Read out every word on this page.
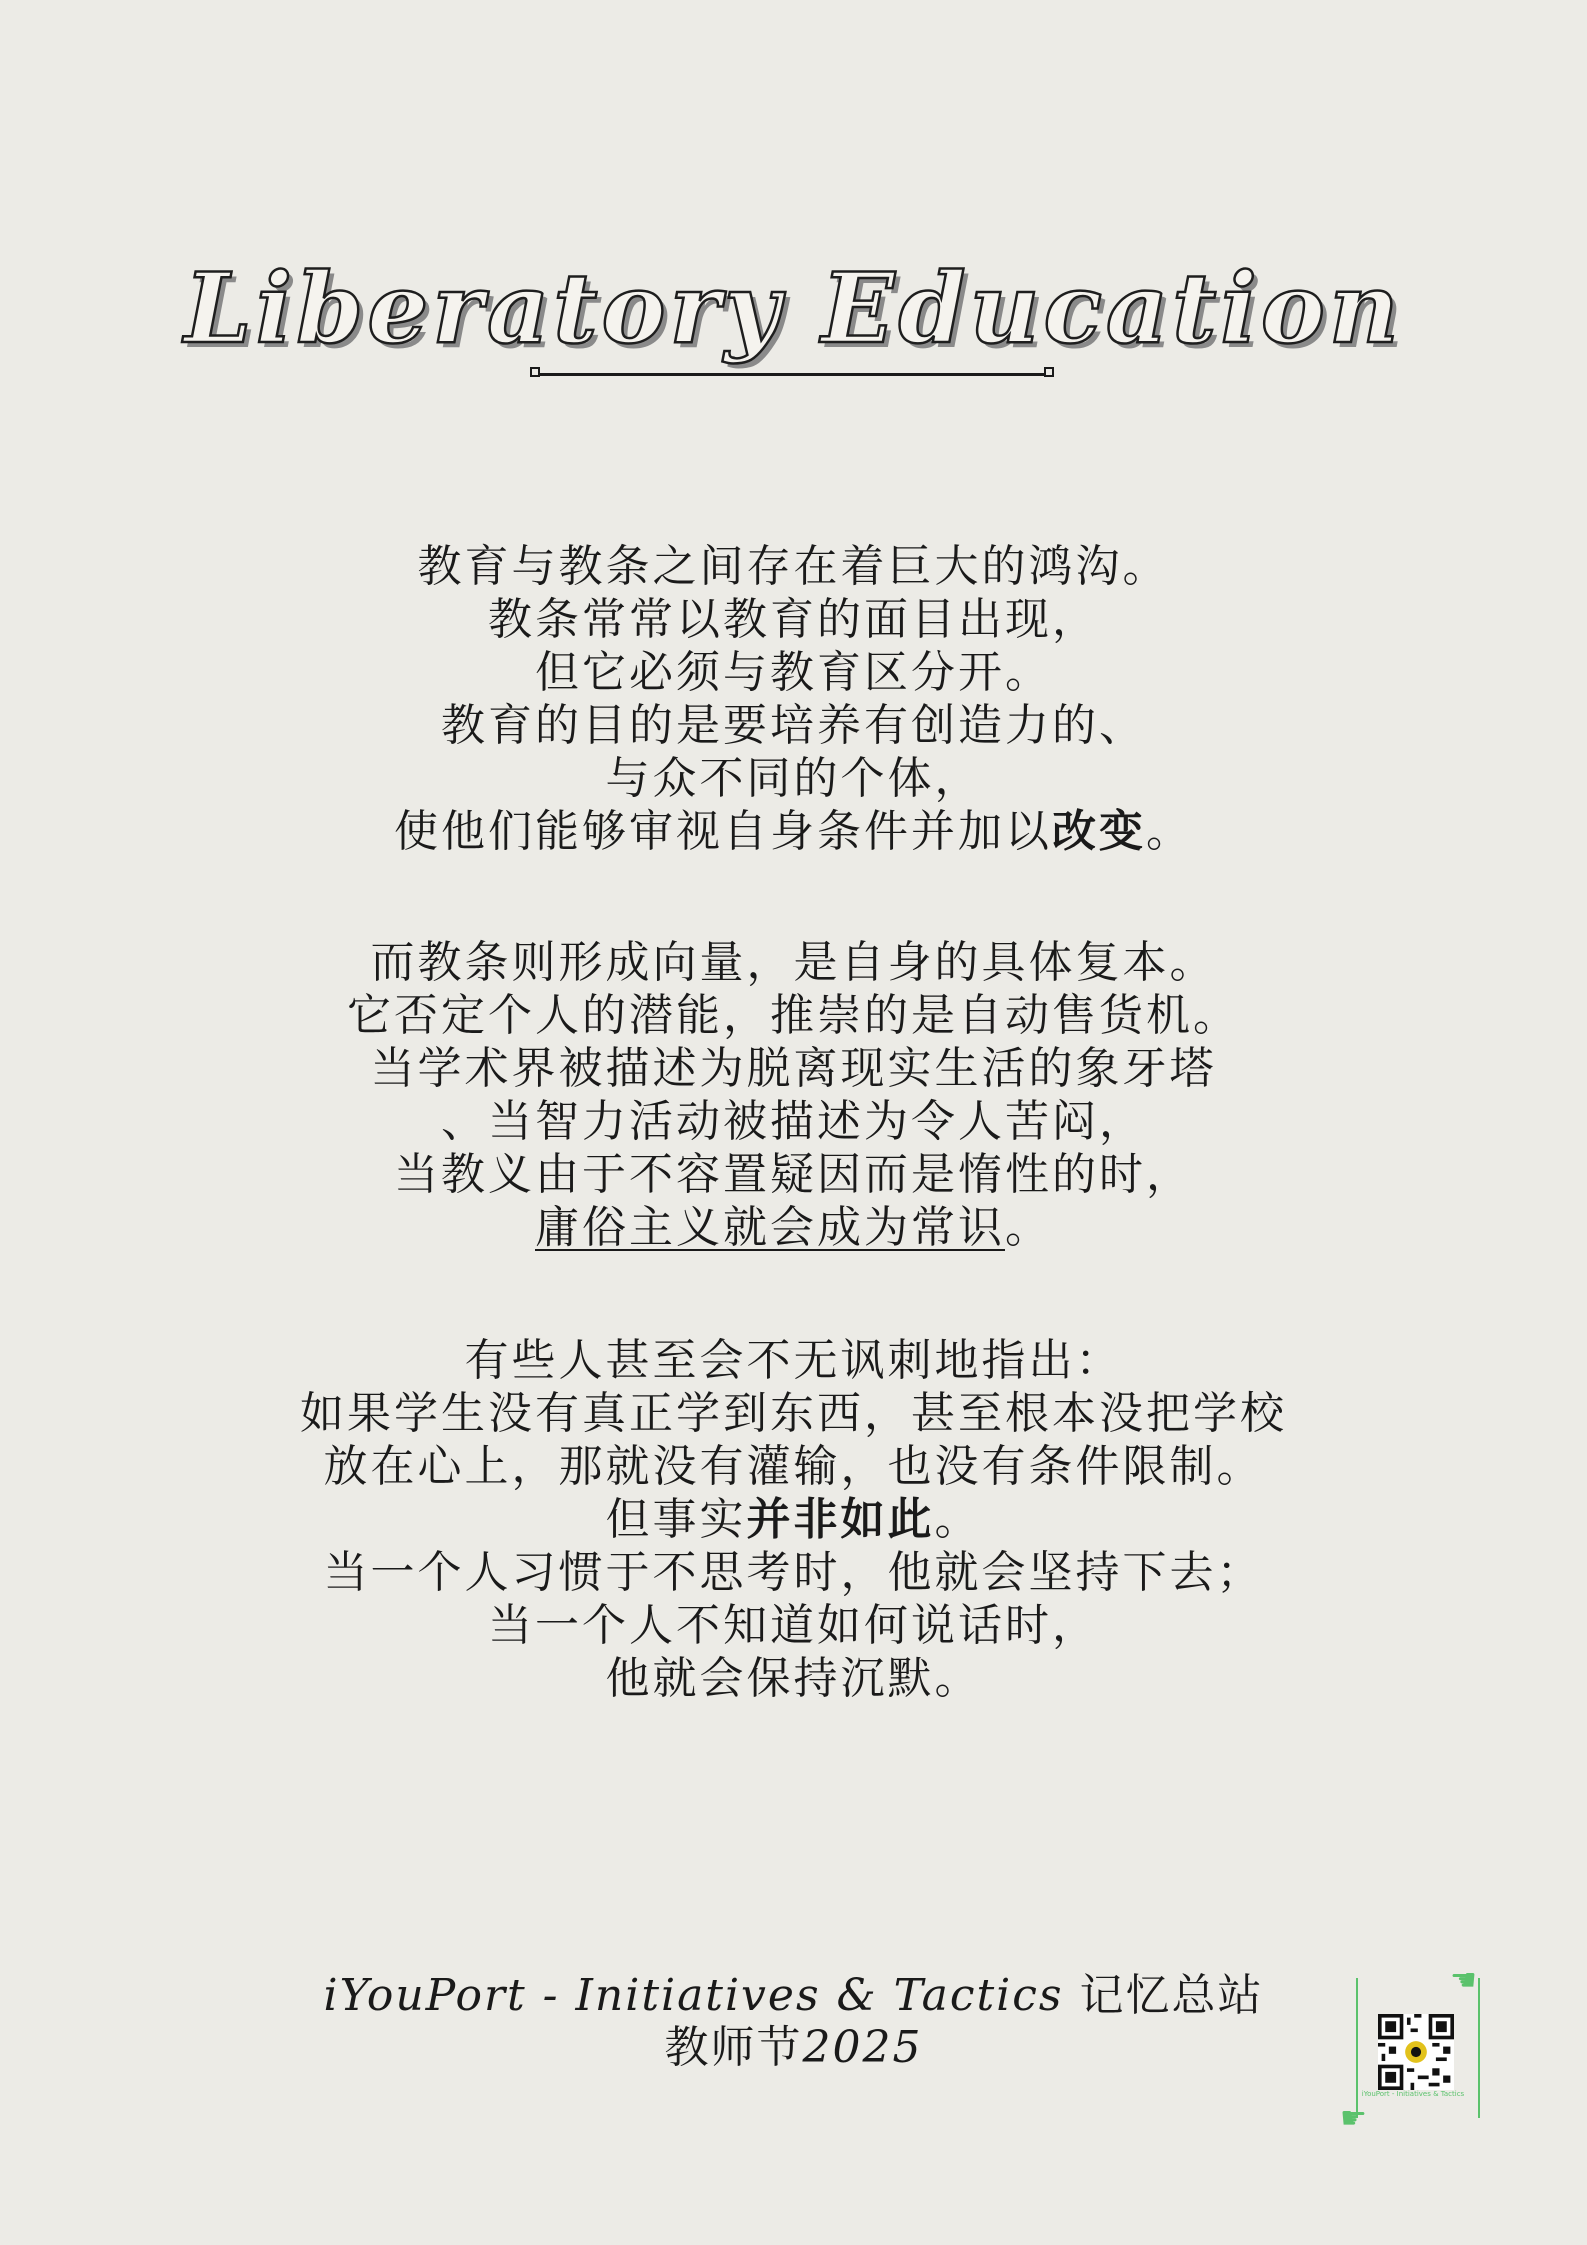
Liberatory Education
教育与教条之间存在着巨大的鸿沟。
教条常常以教育的面目出现，
但它必须与教育区分开。
教育的目的是要培养有创造力的、
与众不同的个体，
使他们能够审视自身条件并加以改变。
而教条则形成向量，是自身的具体复本。
它否定个人的潜能，推崇的是自动售货机。
当学术界被描述为脱离现实生活的象牙塔
、当智力活动被描述为令人苦闷，
当教义由于不容置疑因而是惰性的时，
庸俗主义就会成为常识。
有些人甚至会不无讽刺地指出：
如果学生没有真正学到东西，甚至根本没把学校
放在心上，那就没有灌输，也没有条件限制。
但事实并非如此。
当一个人习惯于不思考时，他就会坚持下去；
当一个人不知道如何说话时，
他就会保持沉默。
iYouPort - Initiatives & Tactics 记忆总站
教师节2025
☚
☛
iYouPort - Initiatives & Tactics
